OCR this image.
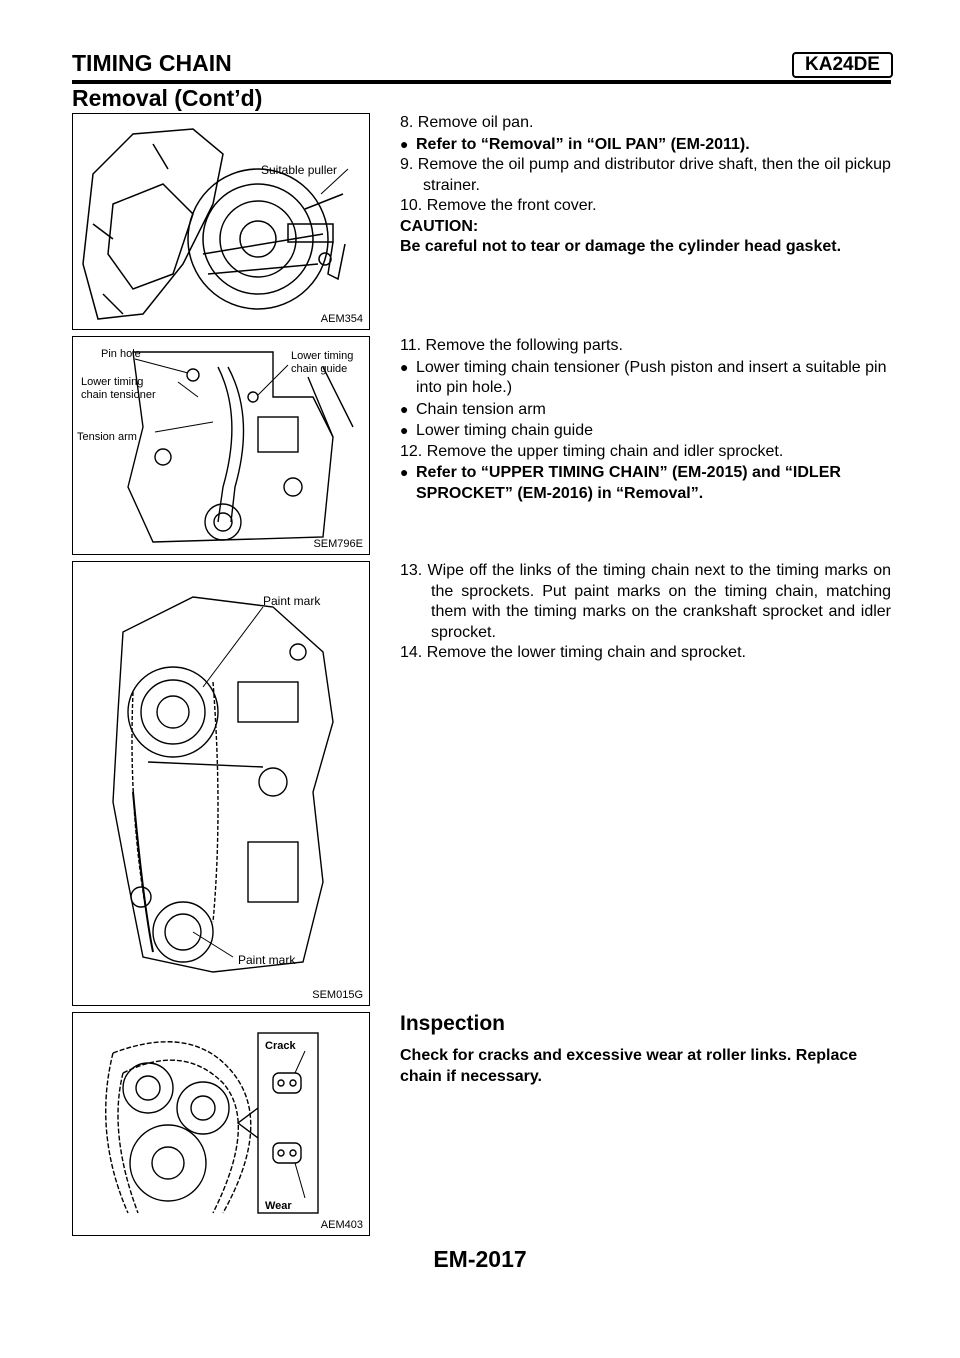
TIMING CHAIN	KA24DE
Removal (Cont’d)
Suitable puller
AEM354
Pin hole
Lower timing
chain tensioner
Lower timing
chain guide
Tension arm
SEM796E
Paint mark
Paint mark
SEM015G
Crack
Wear
AEM403

8. Remove oil pan.

● Refer to “Removal” in “OIL PAN” (EM-2011).

9. Remove the oil pump and distributor drive shaft, then the oil pickup strainer.

10. Remove the front cover.

CAUTION:

Be careful not to tear or damage the cylinder head gasket.

11. Remove the following parts.

● Lower timing chain tensioner (Push piston and insert a suitable pin into pin hole.)

● Chain tension arm

● Lower timing chain guide

12. Remove the upper timing chain and idler sprocket.

● Refer to “UPPER TIMING CHAIN” (EM-2015) and “IDLER SPROCKET” (EM-2016) in “Removal”.

13. Wipe off the links of the timing chain next to the timing marks on the sprockets. Put paint marks on the timing chain, matching them with the timing marks on the crankshaft sprocket and idler sprocket.

14. Remove the lower timing chain and sprocket.

Inspection
Check for cracks and excessive wear at roller links. Replace chain if necessary.
EM-2017
